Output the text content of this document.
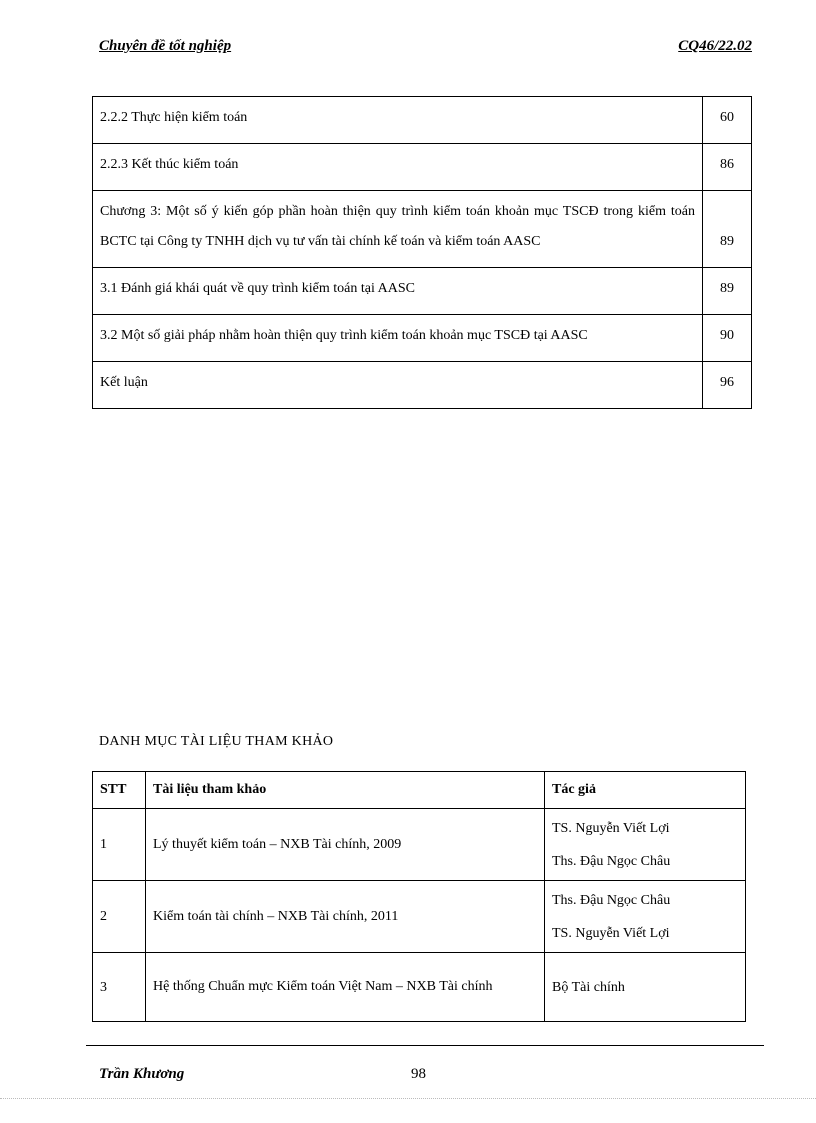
Chuyên đề tốt nghiệp	CQ46/22.02
2.2.2 Thực hiện kiểm toán	60
2.2.3 Kết thúc kiểm toán	86
Chương 3: Một số ý kiến góp phần hoàn thiện quy trình kiểm toán khoản mục TSCĐ trong kiểm toán BCTC tại Công ty TNHH dịch vụ tư vấn tài chính kế toán và kiểm toán AASC	89
3.1 Đánh giá khái quát về quy trình kiểm toán tại AASC	89
3.2 Một số giải pháp nhằm hoàn thiện quy trình kiểm toán khoản mục TSCĐ tại AASC	90
Kết luận	96
DANH MỤC TÀI LIỆU THAM KHẢO
STT	Tài liệu tham khảo	Tác giả
1	Lý thuyết kiểm toán – NXB Tài chính, 2009	TS. Nguyễn Viết Lợi
Ths. Đậu Ngọc Châu

2	Kiểm toán tài chính – NXB Tài chính, 2011	Ths. Đậu Ngọc Châu
TS. Nguyễn Viết Lợi

3	Hệ thống Chuẩn mực Kiểm toán Việt Nam – NXB Tài chính	Bộ Tài chính
Trần Khương	98
